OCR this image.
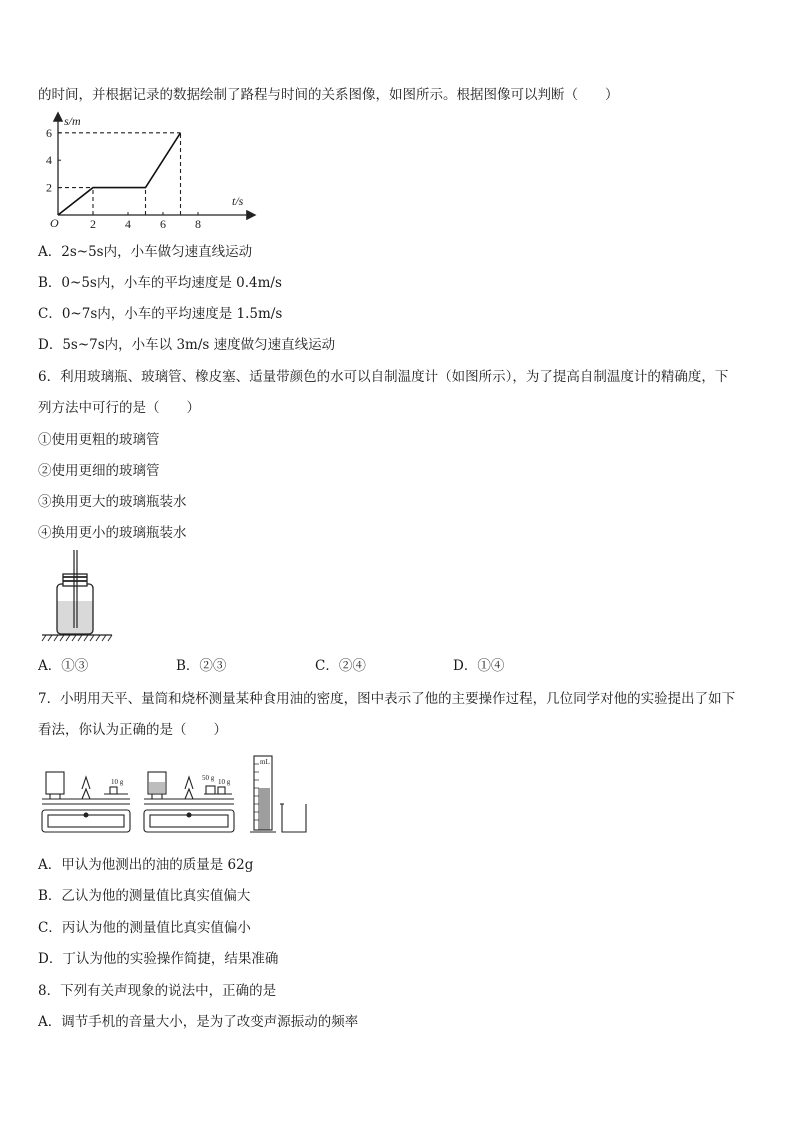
的时间，并根据记录的数据绘制了路程与时间的关系图像，如图所示。根据图像可以判断（　　）
2 4 6 8
2
4
6
s/m
t/s
O
A．2s~5s内，小车做匀速直线运动
B．0~5s内，小车的平均速度是 0.4m/s
C．0~7s内，小车的平均速度是 1.5m/s
D．5s~7s内，小车以 3m/s 速度做匀速直线运动
6．利用玻璃瓶、玻璃管、橡皮塞、适量带颜色的水可以自制温度计（如图所示），为了提高自制温度计的精确度，下
列方法中可行的是（　　）
①使用更粗的玻璃管
②使用更细的玻璃管
③换用更大的玻璃瓶装水
④换用更小的玻璃瓶装水
A．①③	B．②③	C．②④	D．①④
7．小明用天平、量筒和烧杯测量某种食用油的密度，图中表示了他的主要操作过程，几位同学对他的实验提出了如下
看法，你认为正确的是（　　）
10 g	50 g 10 g
mL
A．甲认为他测出的油的质量是 62g
B．乙认为他的测量值比真实值偏大
C．丙认为他的测量值比真实值偏小
D．丁认为他的实验操作简捷，结果准确
8．下列有关声现象的说法中，正确的是
A．调节手机的音量大小，是为了改变声源振动的频率
